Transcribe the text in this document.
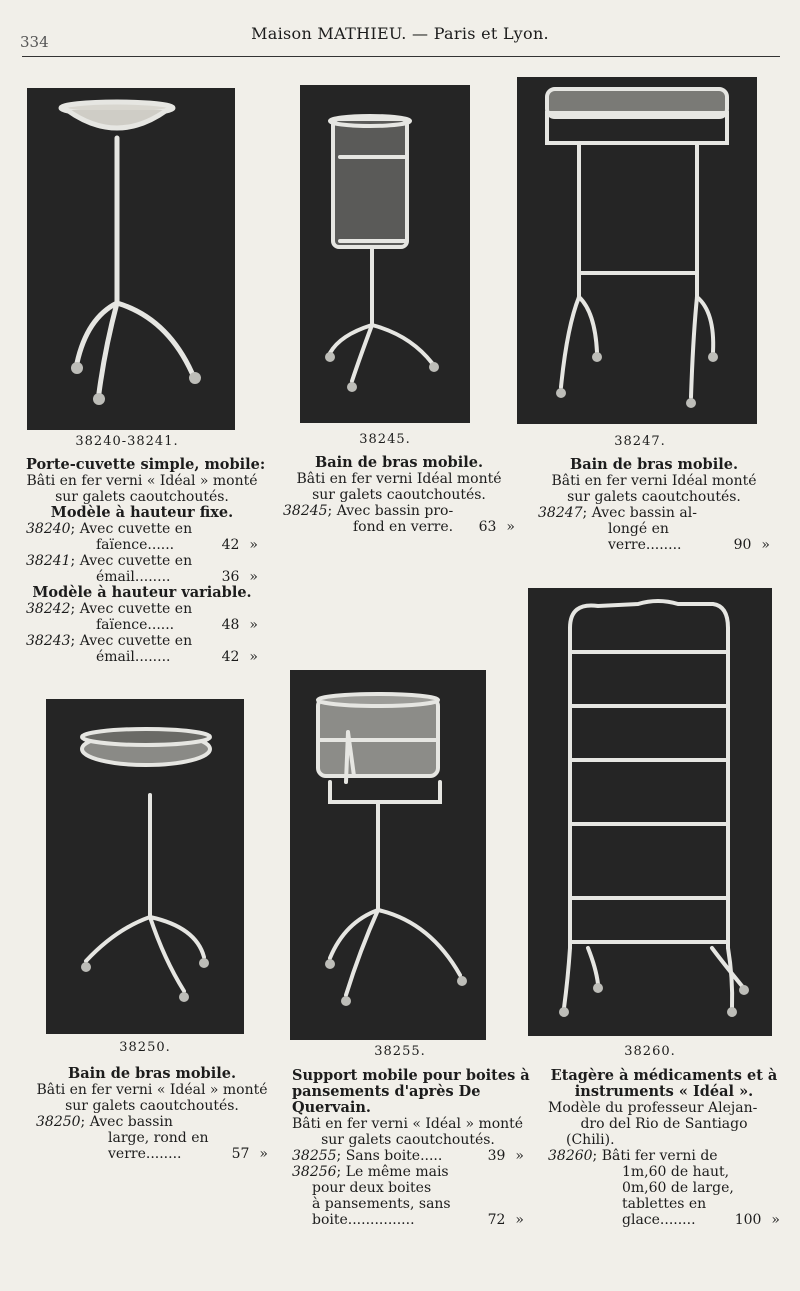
334	Maison MATHIEU. — Paris et Lyon.
38240-38241.
Porte-cuvette simple, mobile:
Bâti en fer verni « Idéal » monté
sur galets caoutchoutés.
Modèle à hauteur fixe.
38240; Avec cuvette en
faïence......	42 »
38241; Avec cuvette en
émail........	36 »
Modèle à hauteur variable.
38242; Avec cuvette en
faïence......	48 »
38243; Avec cuvette en
émail........	42 »
38245.
Bain de bras mobile.
Bâti en fer verni Idéal monté
sur galets caoutchoutés.
38245; Avec bassin pro-
fond en verre. 63 »
38247.
Bain de bras mobile.
Bâti en fer verni Idéal monté
sur galets caoutchoutés.
38247; Avec bassin al-
longé en
verre........	90 »
38250.
Bain de bras mobile.
Bâti en fer verni « Idéal » monté
sur galets caoutchoutés.
38250; Avec bassin
large, rond en
verre........	57 »
38255.
Support mobile pour boites à
pansements d'après De
Quervain.
Bâti en fer verni « Idéal » monté
sur galets caoutchoutés.
38255; Sans boite.....	39 »
38256; Le même mais
pour deux boites
à pansements, sans
boite...............	72 »
38260.
Etagère à médicaments et à
instruments « Idéal ».
Modèle du professeur Alejan-
dro del Rio de Santiago
(Chili).
38260; Bâti fer verni de
1m,60 de haut,
0m,60 de large,
tablettes en
glace........	100 »
